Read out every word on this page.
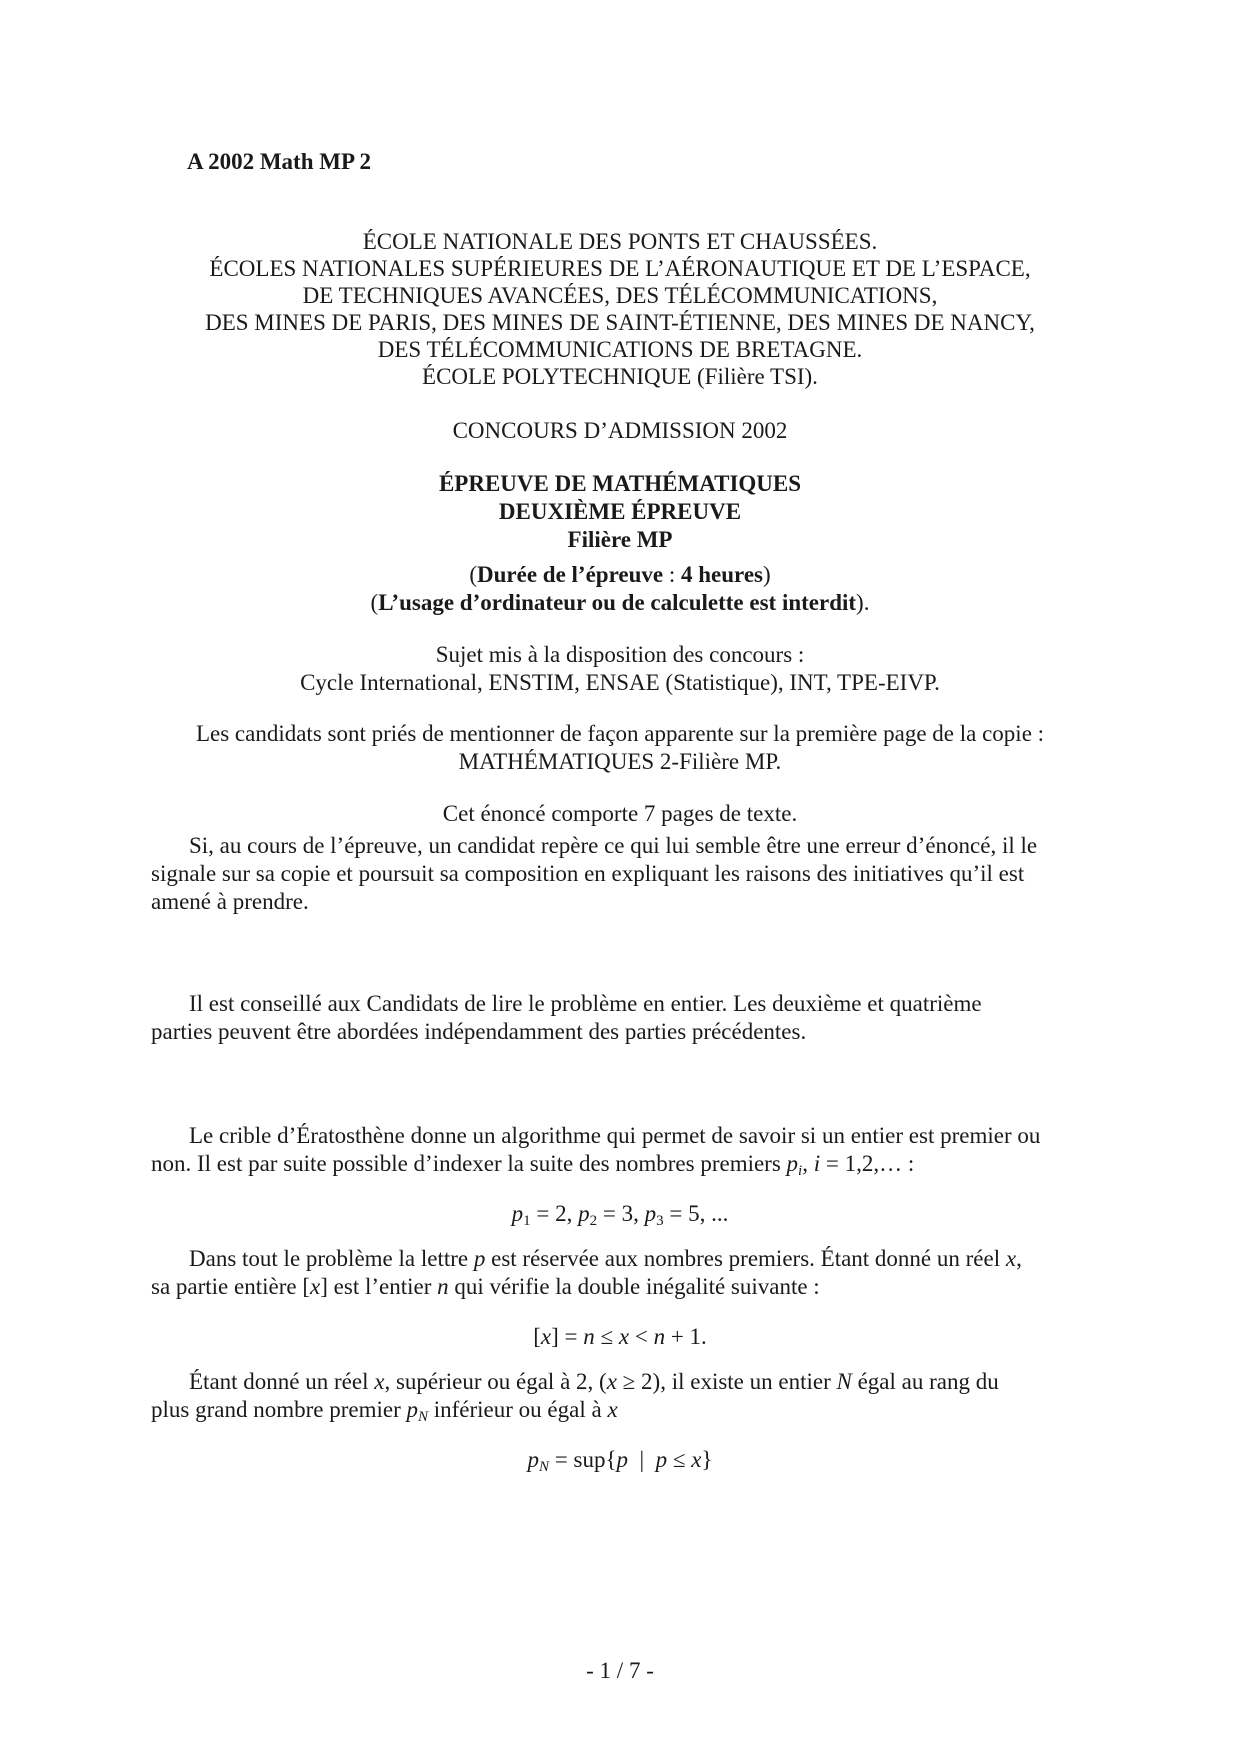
A 2002 Math MP 2
ÉCOLE NATIONALE DES PONTS ET CHAUSSÉES.
ÉCOLES NATIONALES SUPÉRIEURES DE L’AÉRONAUTIQUE ET DE L’ESPACE,
DE TECHNIQUES AVANCÉES, DES TÉLÉCOMMUNICATIONS,
DES MINES DE PARIS, DES MINES DE SAINT-ÉTIENNE, DES MINES DE NANCY,
DES TÉLÉCOMMUNICATIONS DE BRETAGNE.
ÉCOLE POLYTECHNIQUE (Filière TSI).
CONCOURS D’ADMISSION 2002
ÉPREUVE DE MATHÉMATIQUES
DEUXIÈME ÉPREUVE
Filière MP
(Durée de l’épreuve : 4 heures)
(L’usage d’ordinateur ou de calculette est interdit).
Sujet mis à la disposition des concours :
Cycle International, ENSTIM, ENSAE (Statistique), INT, TPE-EIVP.
Les candidats sont priés de mentionner de façon apparente sur la première page de la copie :
MATHÉMATIQUES 2-Filière MP.
Cet énoncé comporte 7 pages de texte.
Si, au cours de l’épreuve, un candidat repère ce qui lui semble être une erreur d’énoncé, il le
signale sur sa copie et poursuit sa composition en expliquant les raisons des initiatives qu’il est
amené à prendre.
Il est conseillé aux Candidats de lire le problème en entier. Les deuxième et quatrième
parties peuvent être abordées indépendamment des parties précédentes.
Le crible d’Ératosthène donne un algorithme qui permet de savoir si un entier est premier ou
non. Il est par suite possible d’indexer la suite des nombres premiers $p_i$, i = 1,2,… :
$p_1 = 2$, $p_2 = 3$, $p_3 = 5$, ...
Dans tout le problème la lettre p est réservée aux nombres premiers. Étant donné un réel x,
sa partie entière [x] est l’entier n qui vérifie la double inégalité suivante :
[x] = n ≤ x < n + 1.
Étant donné un réel x, supérieur ou égal à 2, (x ≥ 2), il existe un entier N égal au rang du
plus grand nombre premier $p_N$ inférieur ou égal à x
$p_N = sup\{p$  |  p ≤ x}
- 1 / 7 -
